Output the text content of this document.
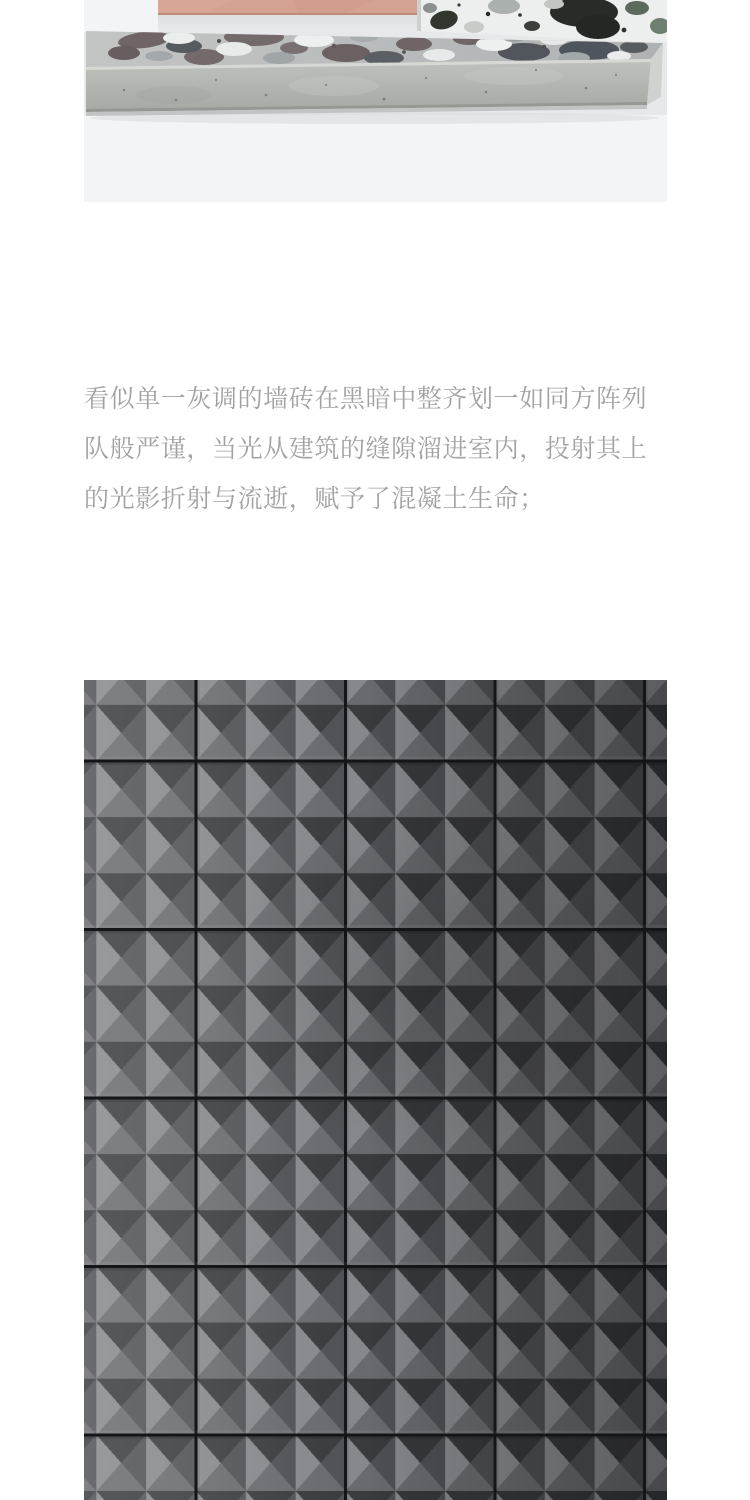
看似单一灰调的墙砖在黑暗中整齐划一如同方阵列
队般严谨，当光从建筑的缝隙溜进室内，投射其上
的光影折射与流逝，赋予了混凝土生命；
